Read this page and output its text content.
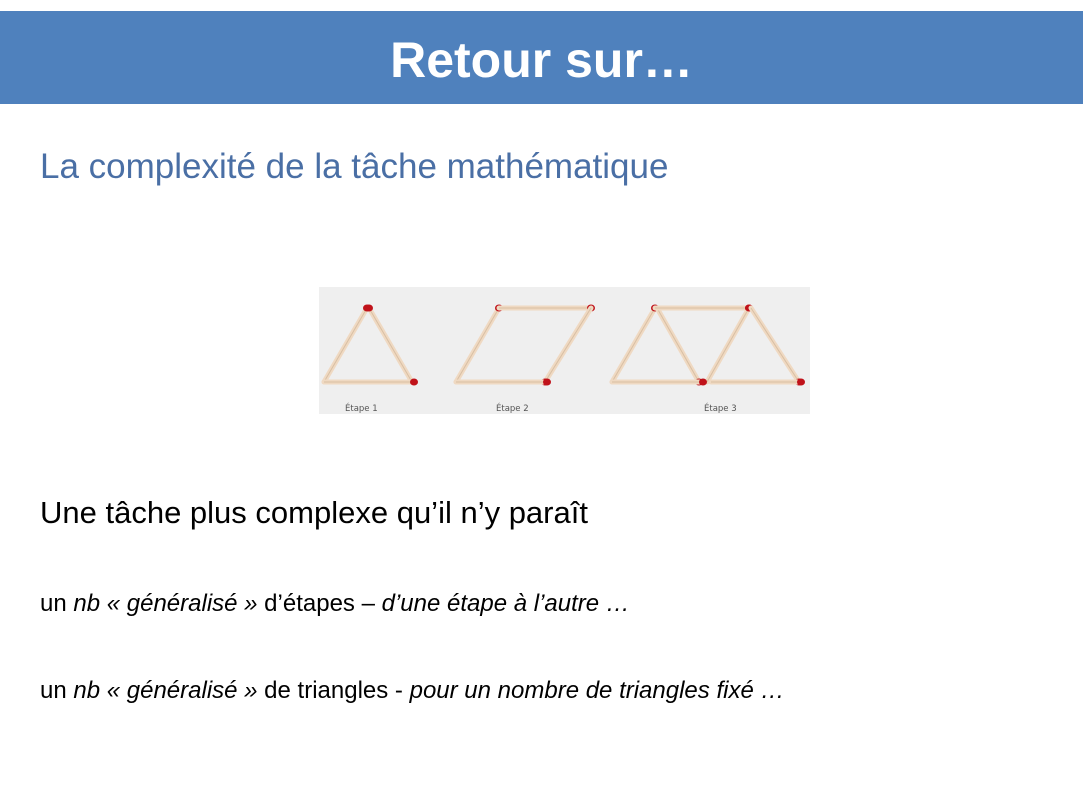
Retour sur…
La complexité de la tâche mathématique
Étape 1	Étape 2	Étape 3
Une tâche plus complexe qu’il n’y paraît
un nb « généralisé » d’étapes – d’une étape à l’autre …
un nb « généralisé » de triangles - pour un nombre de triangles fixé …
